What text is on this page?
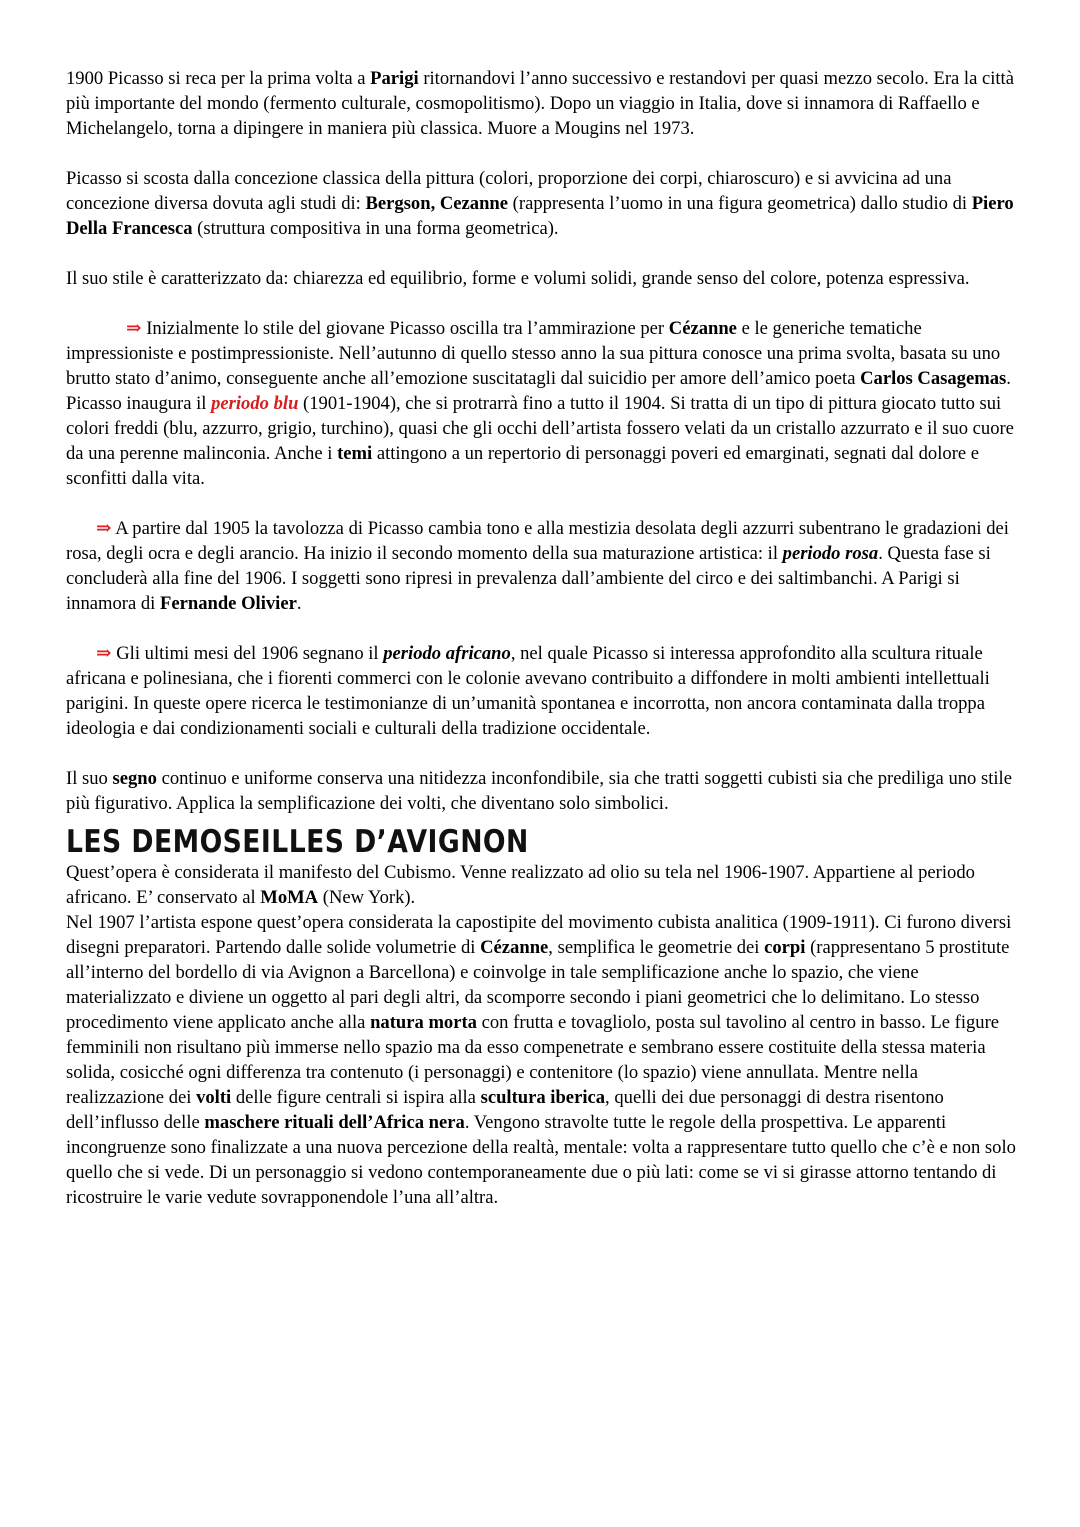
1900 Picasso si reca per la prima volta a Parigi ritornandovi l’anno successivo e restandovi per quasi mezzo secolo. Era la città più importante del mondo (fermento culturale, cosmopolitismo). Dopo un viaggio in Italia, dove si innamora di Raffaello e Michelangelo, torna a dipingere in maniera più classica. Muore a Mougins nel 1973.

Picasso si scosta dalla concezione classica della pittura (colori, proporzione dei corpi, chiaroscuro) e si avvicina ad una concezione diversa dovuta agli studi di: Bergson, Cezanne (rappresenta l’uomo in una figura geometrica) dallo studio di Piero Della Francesca (struttura compositiva in una forma geometrica).

Il suo stile è caratterizzato da: chiarezza ed equilibrio, forme e volumi solidi, grande senso del colore, potenza espressiva.

⇒ Inizialmente lo stile del giovane Picasso oscilla tra l’ammirazione per Cézanne e le generiche tematiche impressioniste e postimpressioniste. Nell’autunno di quello stesso anno la sua pittura conosce una prima svolta, basata su uno brutto stato d’animo, conseguente anche all’emozione suscitatagli dal suicidio per amore dell’amico poeta Carlos Casagemas. Picasso inaugura il periodo blu (1901-1904), che si protrarrà fino a tutto il 1904. Si tratta di un tipo di pittura giocato tutto sui colori freddi (blu, azzurro, grigio, turchino), quasi che gli occhi dell’artista fossero velati da un cristallo azzurrato e il suo cuore da una perenne malinconia. Anche i temi attingono a un repertorio di personaggi poveri ed emarginati, segnati dal dolore e sconfitti dalla vita.

⇒ A partire dal 1905 la tavolozza di Picasso cambia tono e alla mestizia desolata degli azzurri subentrano le gradazioni dei rosa, degli ocra e degli arancio. Ha inizio il secondo momento della sua maturazione artistica: il periodo rosa. Questa fase si concluderà alla fine del 1906. I soggetti sono ripresi in prevalenza dall’ambiente del circo e dei saltimbanchi. A Parigi si innamora di Fernande Olivier.

⇒ Gli ultimi mesi del 1906 segnano il periodo africano, nel quale Picasso si interessa approfondito alla scultura rituale africana e polinesiana, che i fiorenti commerci con le colonie avevano contribuito a diffondere in molti ambienti intellettuali parigini. In queste opere ricerca le testimonianze di un’umanità spontanea e incorrotta, non ancora contaminata dalla troppa ideologia e dai condizionamenti sociali e culturali della tradizione occidentale.

Il suo segno continuo e uniforme conserva una nitidezza inconfondibile, sia che tratti soggetti cubisti sia che prediliga uno stile più figurativo. Applica la semplificazione dei volti, che diventano solo simbolici.

LES DEMOSEILLES D’AVIGNON

Quest’opera è considerata il manifesto del Cubismo. Venne realizzato ad olio su tela nel 1906-1907. Appartiene al periodo africano. E’ conservato al MoMA (New York).

Nel 1907 l’artista espone quest’opera considerata la capostipite del movimento cubista analitica (1909-1911). Ci furono diversi disegni preparatori. Partendo dalle solide volumetrie di Cézanne, semplifica le geometrie dei corpi (rappresentano 5 prostitute all’interno del bordello di via Avignon a Barcellona) e coinvolge in tale semplificazione anche lo spazio, che viene materializzato e diviene un oggetto al pari degli altri, da scomporre secondo i piani geometrici che lo delimitano. Lo stesso procedimento viene applicato anche alla natura morta con frutta e tovagliolo, posta sul tavolino al centro in basso. Le figure femminili non risultano più immerse nello spazio ma da esso compenetrate e sembrano essere costituite della stessa materia solida, cosicché ogni differenza tra contenuto (i personaggi) e contenitore (lo spazio) viene annullata. Mentre nella realizzazione dei volti delle figure centrali si ispira alla scultura iberica, quelli dei due personaggi di destra risentono dell’influsso delle maschere rituali dell’Africa nera. Vengono stravolte tutte le regole della prospettiva. Le apparenti incongruenze sono finalizzate a una nuova percezione della realtà, mentale: volta a rappresentare tutto quello che c’è e non solo quello che si vede. Di un personaggio si vedono contemporaneamente due o più lati: come se vi si girasse attorno tentando di ricostruire le varie vedute sovrapponendole l’una all’altra.
